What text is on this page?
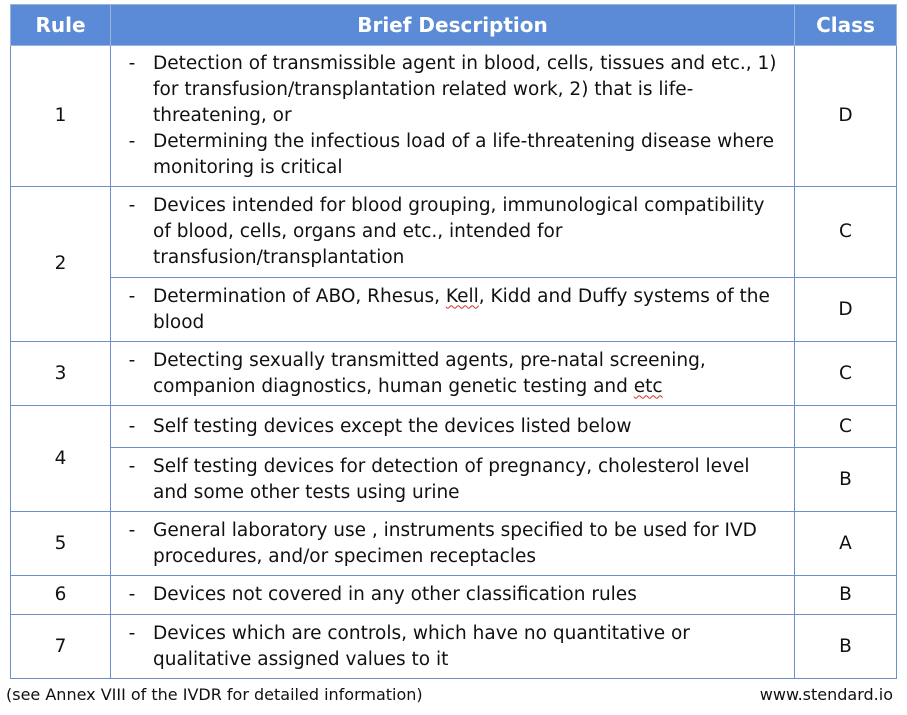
Rule	Brief Description	Class
1	- Detection of transmissible agent in blood, cells, tissues and etc., 1) for transfusion/transplantation related work, 2) that is life-threatening, or
- Determining the infectious load of a life-threatening disease where monitoring is critical	D
2	- Devices intended for blood grouping, immunological compatibility of blood, cells, organs and etc., intended for transfusion/transplantation	C

	- Determination of ABO, Rhesus, Kell, Kidd and Duffy systems of the blood	D
3	- Detecting sexually transmitted agents, pre-natal screening, companion diagnostics, human genetic testing and etc	C
4	- Self testing devices except the devices listed below	C

	- Self testing devices for detection of pregnancy, cholesterol level and some other tests using urine	B
5	- General laboratory use , instruments specified to be used for IVD procedures, and/or specimen receptacles	A
6	- Devices not covered in any other classification rules	B
7	- Devices which are controls, which have no quantitative or qualitative assigned values to it	B
(see Annex VIII of the IVDR for detailed information)	www.stendard.io
